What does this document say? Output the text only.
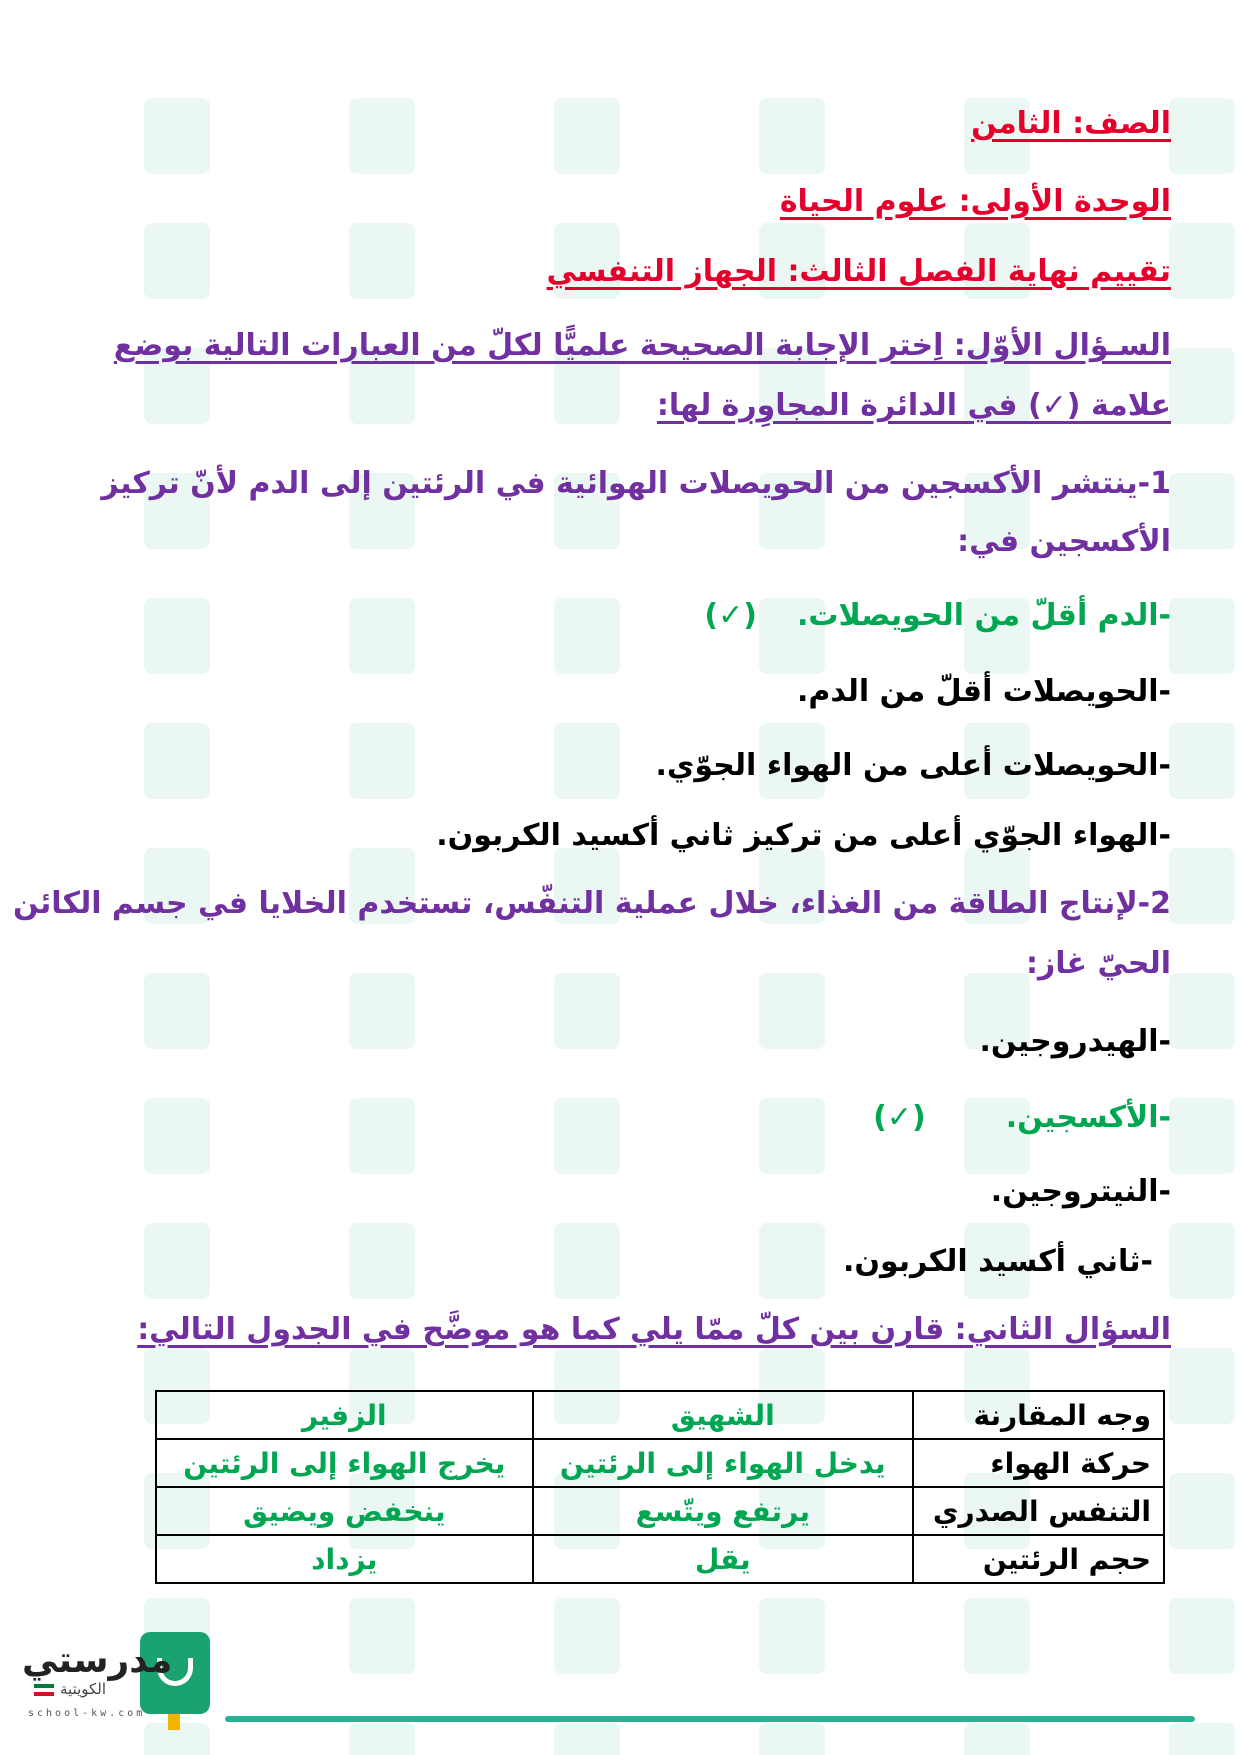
الصف: الثامن
الوحدة الأولى: علوم الحياة
تقييم نهاية الفصل الثالث: الجهاز التنفسي
السـؤال الأوّل: اِختر الإجابة الصحيحة علميًّا لكلّ من العبارات التالية بوضع
علامة (✓) في الدائرة المجاوِرة لها:
1-ينتشر الأكسجين من الحويصلات الهوائية في الرئتين إلى الدم لأنّ تركيز
الأكسجين في:
-الدم أقلّ من الحويصلات.(✓)
-الحويصلات أقلّ من الدم.
-الحويصلات أعلى من الهواء الجوّي.
-الهواء الجوّي أعلى من تركيز ثاني أكسيد الكربون.
2-لإنتاج الطاقة من الغذاء، خلال عملية التنفّس، تستخدم الخلايا في جسم الكائن
الحيّ غاز:
-الهيدروجين.
-الأكسجين.(✓)
-النيتروجين.
-ثاني أكسيد الكربون.
السؤال الثاني: قارن بين كلّ ممّا يلي كما هو موضَّح في الجدول التالي:
وجه المقارنة	الشهيق	الزفير
حركة الهواء	يدخل الهواء إلى الرئتين	يخرج الهواء إلى الرئتين
التنفس الصدري	يرتفع ويتّسع	ينخفض ويضيق
حجم الرئتين	يقل	يزداد
مدرستي
الكويتية
school-kw.com
